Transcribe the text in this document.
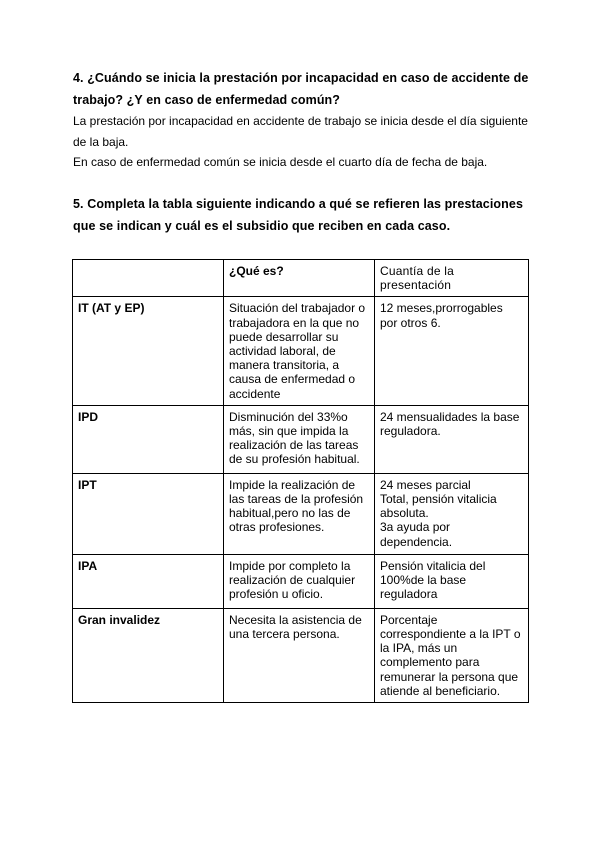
4. ¿Cuándo se inicia la prestación por incapacidad en caso de accidente de trabajo? ¿Y en caso de enfermedad común?
La prestación por incapacidad en accidente de trabajo se inicia desde el día siguiente de la baja.
En caso de enfermedad común se inicia desde el cuarto día de fecha de baja.
5. Completa la tabla siguiente indicando a qué se refieren las prestaciones que se indican y cuál es el subsidio que reciben en cada caso.
	¿Qué es?	Cuantía de la presentación
IT (AT y EP)	Situación del trabajador o trabajadora en la que no puede desarrollar su actividad laboral, de manera transitoria, a causa de enfermedad o accidente	12 meses,prorrogables por otros 6.
IPD	Disminución del 33%o más, sin que impida la realización de las tareas de su profesión habitual.	24 mensualidades la base reguladora.
IPT	Impide la realización de las tareas de la profesión habitual,pero no las de otras profesiones.	24 meses parcial
Total, pensión vitalicia absoluta.
3a ayuda por dependencia.
IPA	Impide por completo la realización de cualquier profesión u oficio.	Pensión vitalicia del 100%de la base reguladora
Gran invalidez	Necesita la asistencia de una tercera persona.	Porcentaje correspondiente a la IPT o la IPA, más un complemento para remunerar la persona que atiende al beneficiario.
